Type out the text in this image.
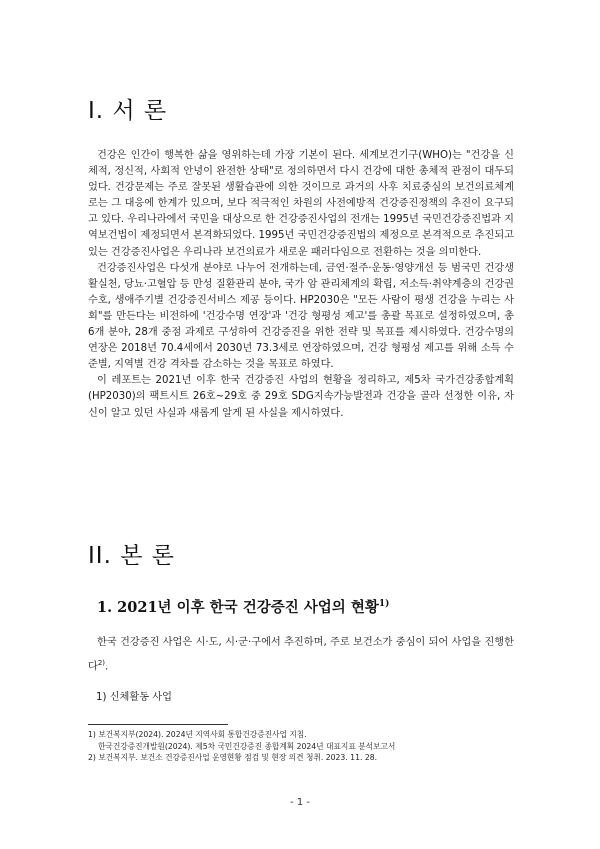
I. 서 론

건강은 인간이 행복한 삶을 영위하는데 가장 기본이 된다. 세계보건기구(WHO)는 "건강을 신체적, 정신적, 사회적 안녕이 완전한 상태"로 정의하면서 다시 건강에 대한 총체적 관점이 대두되었다. 건강문제는 주로 잘못된 생활습관에 의한 것이므로 과거의 사후 치료중심의 보건의료체계로는 그 대응에 한계가 있으며, 보다 적극적인 차원의 사전예방적 건강증진정책의 추진이 요구되고 있다. 우리나라에서 국민을 대상으로 한 건강증진사업의 전개는 1995년 국민건강증진법과 지역보건법이 제정되면서 본격화되었다. 1995년 국민건강증진법의 제정으로 본격적으로 추진되고 있는 건강증진사업은 우리나라 보건의료가 새로운 패러다임으로 전환하는 것을 의미한다.

건강증진사업은 다섯개 분야로 나누어 전개하는데, 금연·절주·운동·영양개선 등 범국민 건강생활실천, 당뇨·고혈압 등 만성 질환관리 분야, 국가 암 관리체계의 확립, 저소득·취약계층의 건강권 수호, 생애주기별 건강증진서비스 제공 등이다. HP2030은 "모든 사람이 평생 건강을 누리는 사회"를 만든다는 비전하에 '건강수명 연장'과 '건강 형평성 제고'를 총괄 목표로 설정하였으며, 총 6개 분야, 28개 중점 과제로 구성하여 건강증진을 위한 전략 및 목표를 제시하였다. 건강수명의 연장은 2018년 70.4세에서 2030년 73.3세로 연장하였으며, 건강 형평성 제고를 위해 소득 수준별, 지역별 건강 격차를 감소하는 것을 목표로 하였다.

이 레포트는 2021년 이후 한국 건강증진 사업의 현황을 정리하고, 제5차 국가건강종합계획(HP2030)의 팩트시트 26호~29호 중 29호 SDG지속가능발전과 건강을 골라 선정한 이유, 자신이 알고 있던 사실과 새롭게 알게 된 사실을 제시하였다.

II. 본 론
1. 2021년 이후 한국 건강증진 사업의 현황$^{1)}$

한국 건강증진 사업은 시·도, 시·군·구에서 추진하며, 주로 보건소가 중심이 되어 사업을 진행한다$^{2)}$.

1) 신체활동 사업
1) 보건복지부(2024). 2024년 지역사회 통합건강증진사업 지침.
한국건강증진개발원(2024). 제5차 국민건강증진 종합계획 2024년 대표지표 분석보고서
2) 보건복지부. 보건소 건강증진사업 운영현황 점검 및 현장 의견 청취. 2023. 11. 28.
- 1 -
